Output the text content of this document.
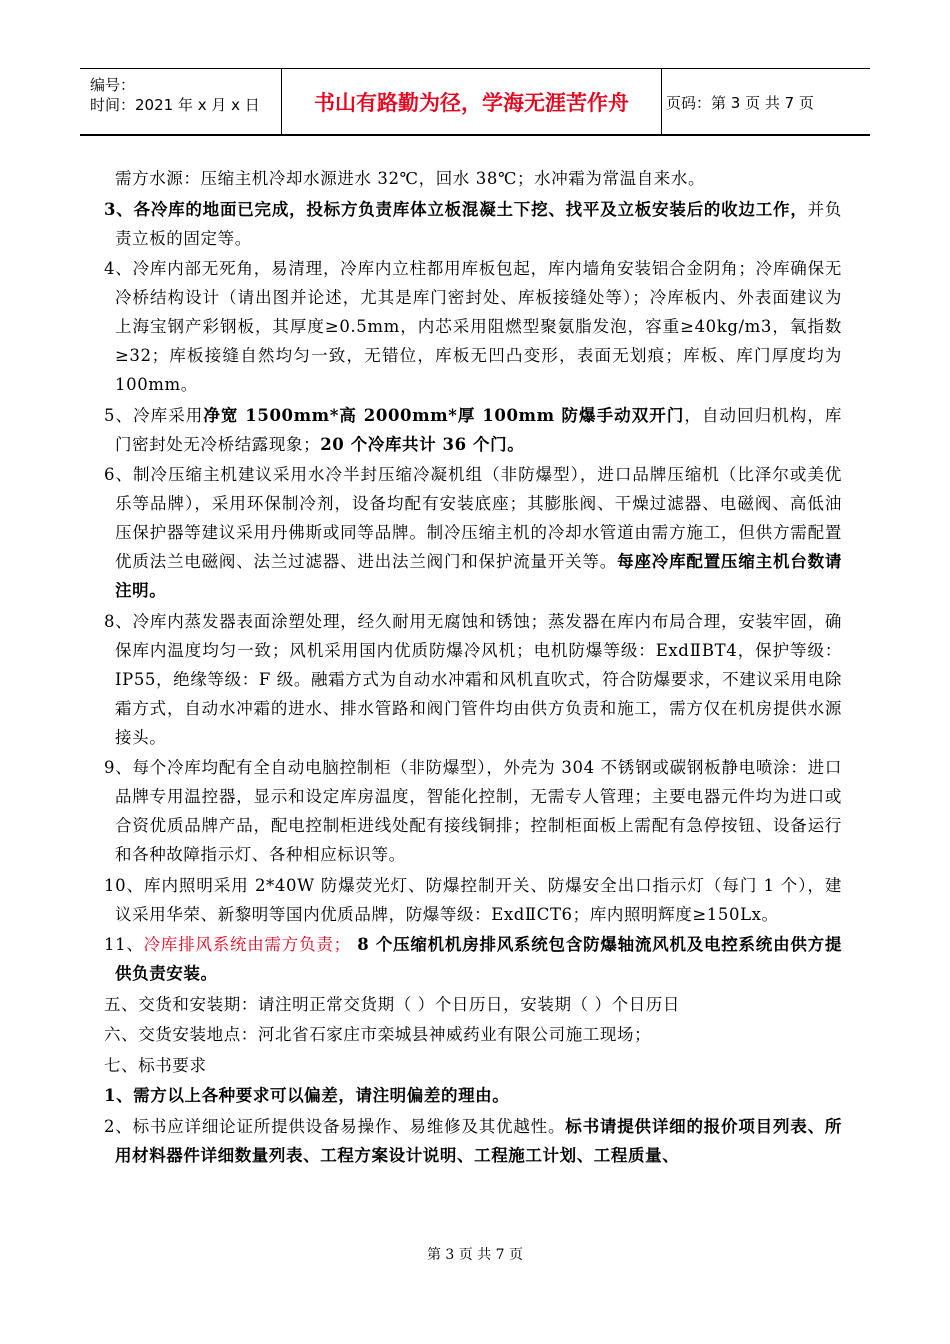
编号：
时间：2021 年 x 月 x 日	书山有路勤为径，学海无涯苦作舟	页码：第 3 页 共 7 页

需方水源：压缩主机冷却水源进水 32℃，回水 38℃；水冲霜为常温自来水。

3、各冷库的地面已完成，投标方负责库体立板混凝土下挖、找平及立板安装后的收边工作，并负责立板的固定等。

4、冷库内部无死角，易清理，冷库内立柱都用库板包起，库内墙角安装铝合金阴角；冷库确保无冷桥结构设计（请出图并论述，尤其是库门密封处、库板接缝处等）；冷库板内、外表面建议为上海宝钢产彩钢板，其厚度≥0.5mm，内芯采用阻燃型聚氨脂发泡，容重≥40kg/m3，氧指数≥32；库板接缝自然均匀一致，无错位，库板无凹凸变形，表面无划痕；库板、库门厚度均为 100mm。

5、冷库采用净宽 1500mm*高 2000mm*厚 100mm 防爆手动双开门，自动回归机构，库门密封处无冷桥结露现象；20 个冷库共计 36 个门。

6、制冷压缩主机建议采用水冷半封压缩冷凝机组（非防爆型），进口品牌压缩机（比泽尔或美优乐等品牌），采用环保制冷剂，设备均配有安装底座；其膨胀阀、干燥过滤器、电磁阀、高低油压保护器等建议采用丹佛斯或同等品牌。制冷压缩主机的冷却水管道由需方施工，但供方需配置优质法兰电磁阀、法兰过滤器、进出法兰阀门和保护流量开关等。每座冷库配置压缩主机台数请注明。

8、冷库内蒸发器表面涂塑处理，经久耐用无腐蚀和锈蚀；蒸发器在库内布局合理，安装牢固，确保库内温度均匀一致；风机采用国内优质防爆冷风机；电机防爆等级：ExdⅡBT4，保护等级：IP55，绝缘等级：F 级。融霜方式为自动水冲霜和风机直吹式，符合防爆要求，不建议采用电除霜方式，自动水冲霜的进水、排水管路和阀门管件均由供方负责和施工，需方仅在机房提供水源接头。

9、每个冷库均配有全自动电脑控制柜（非防爆型），外壳为 304 不锈钢或碳钢板静电喷涂：进口品牌专用温控器，显示和设定库房温度，智能化控制，无需专人管理；主要电器元件均为进口或合资优质品牌产品，配电控制柜进线处配有接线铜排；控制柜面板上需配有急停按钮、设备运行和各种故障指示灯、各种相应标识等。

10、库内照明采用 2*40W 防爆荧光灯、防爆控制开关、防爆安全出口指示灯（每门 1 个），建议采用华荣、新黎明等国内优质品牌，防爆等级：ExdⅡCT6；库内照明辉度≥150Lx。

11、冷库排风系统由需方负责； 8 个压缩机机房排风系统包含防爆轴流风机及电控系统由供方提供负责安装。

五、交货和安装期：请注明正常交货期（ ）个日历日，安装期（ ）个日历日

六、交货安装地点：河北省石家庄市栾城县神威药业有限公司施工现场；

七、标书要求

1、需方以上各种要求可以偏差，请注明偏差的理由。

2、标书应详细论证所提供设备易操作、易维修及其优越性。标书请提供详细的报价项目列表、所用材料器件详细数量列表、工程方案设计说明、工程施工计划、工程质量、

第 3 页 共 7 页
